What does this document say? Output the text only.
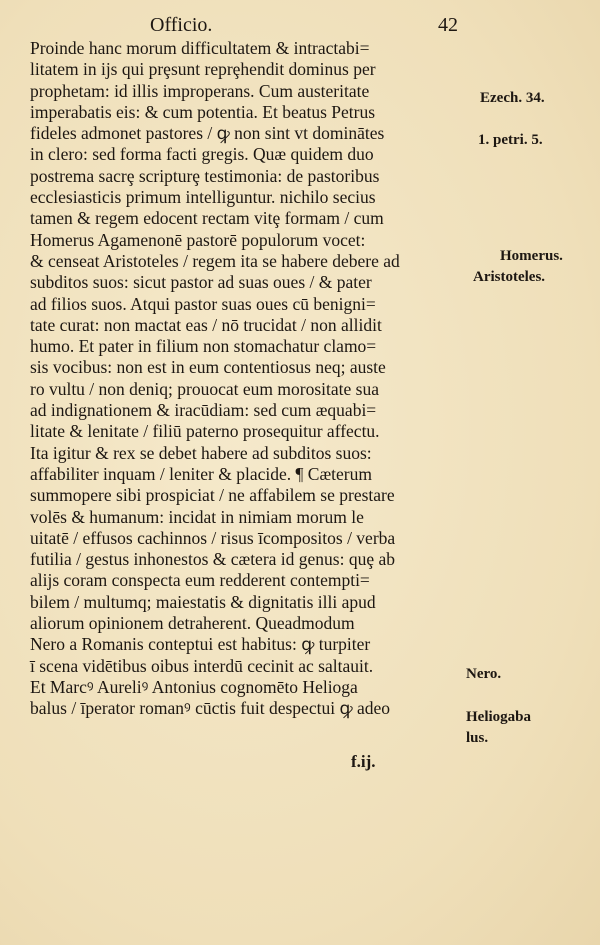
Officio.	42
Proinde hanc morum difficultatem & intractabi=
litatem in ijs qui prȩsunt reprȩhendit dominus per
prophetam: id illis improperans. Cum austeritate
imperabatis eis: & cum potentia. Et beatus Petrus
fideles admonet pastores / ꝙ non sint vt dominātes
in clero: sed forma facti gregis. Quæ quidem duo
postrema sacrȩ scripturȩ testimonia: de pastoribus
ecclesiasticis primum intelliguntur. nichilo secius
tamen & regem edocent rectam vitȩ formam / cum
Homerus Agamenonē pastorē populorum vocet:
& censeat Aristoteles / regem ita se habere debere ad
subditos suos: sicut pastor ad suas oues / & pater
ad filios suos. Atqui pastor suas oues cū benigni=
tate curat: non mactat eas / nō trucidat / non allidit
humo. Et pater in filium non stomachatur clamo=
sis vocibus: non est in eum contentiosus neq; auste
ro vultu / non deniq; prouocat eum morositate sua
ad indignationem & iracūdiam: sed cum æquabi=
litate & lenitate / filiū paterno prosequitur affectu.
Ita igitur & rex se debet habere ad subditos suos:
affabiliter inquam / leniter & placide. ¶ Cæterum
summopere sibi prospiciat / ne affabilem se prestare
volēs & humanum: incidat in nimiam morum le
uitatē / effusos cachinnos / risus īcompositos / verba
futilia / gestus inhonestos & cætera id genus: quȩ ab
alijs coram conspecta eum redderent contempti=
bilem / multumq; maiestatis & dignitatis illi apud
aliorum opinionem detraherent. Queadmodum
Nero a Romanis conteptui est habitus: ꝙ turpiter
ī scena vidētibus oibus interdū cecinit ac saltauit.
Et Marcꝰ Aureliꝰ Antonius cognomēto Helioga
balus / īperator romanꝰ cūctis fuit despectui ꝙ adeo
Ezech. 34.
1. petri. 5.
Homerus.
Aristoteles.
Nero.
Heliogaba
lus.
f.ij.
